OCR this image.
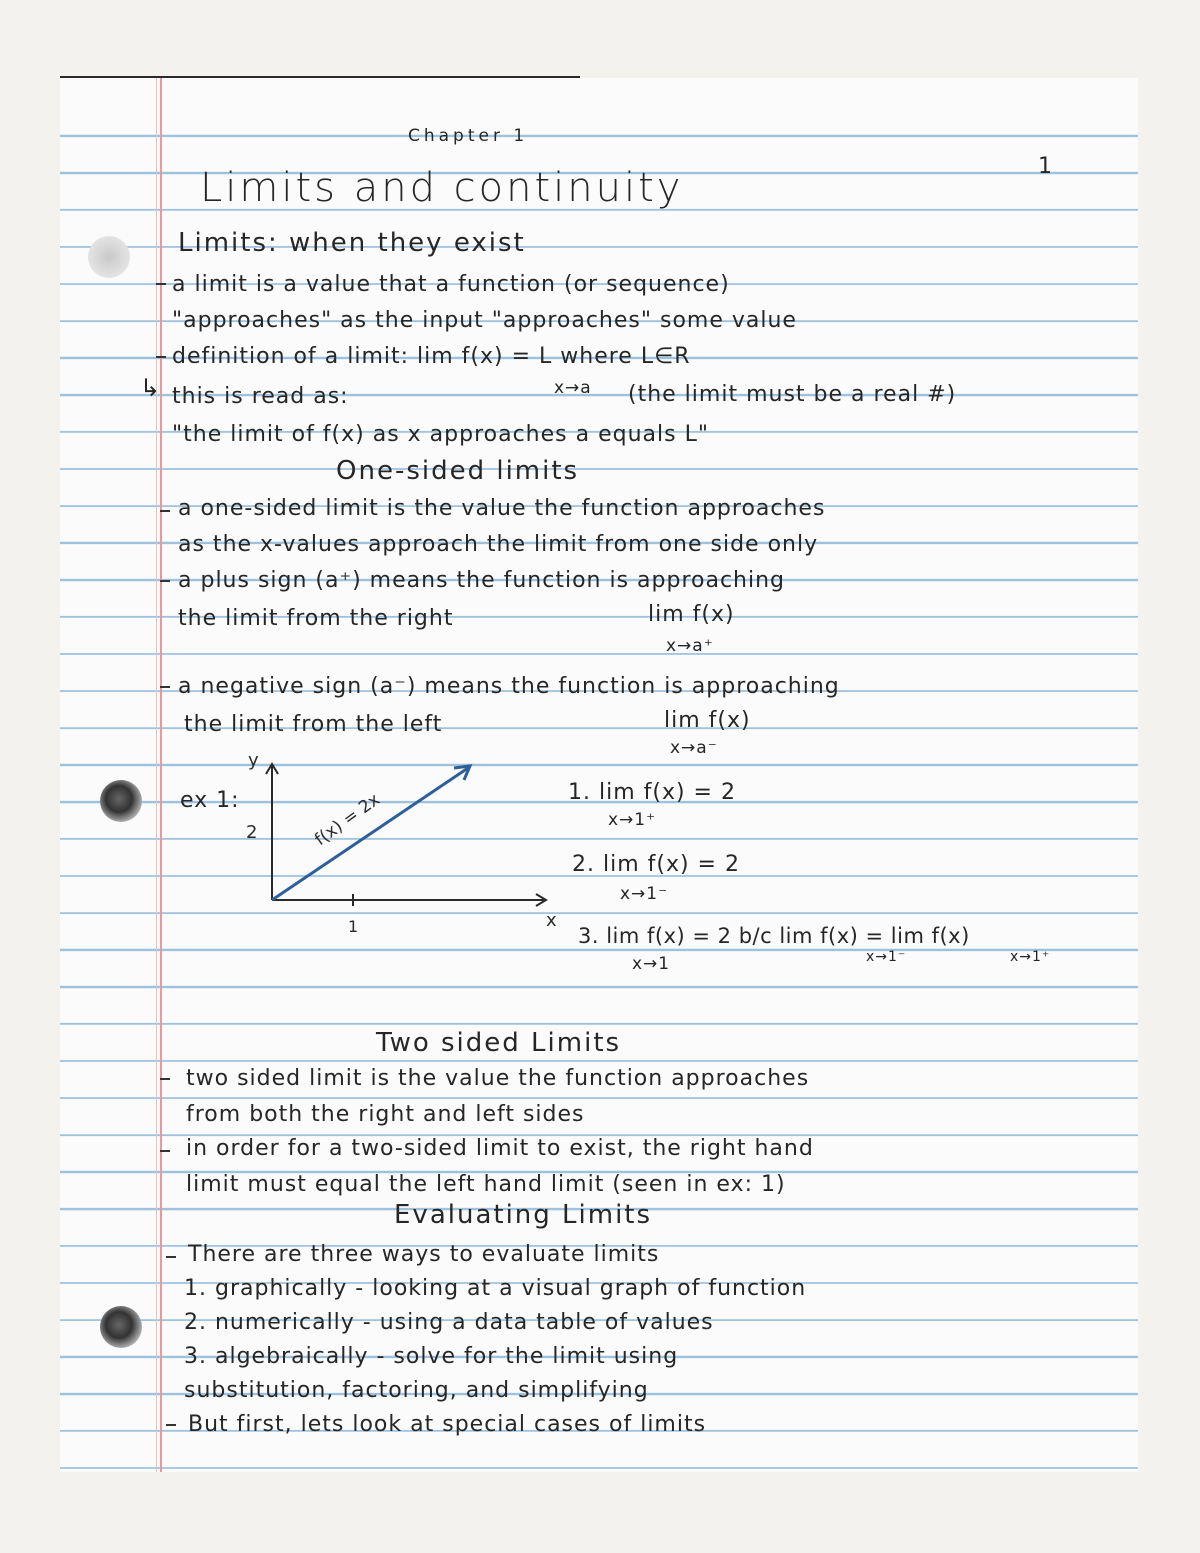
Chapter 1
1
Limits and continuity
Limits: when they exist
a limit is a value that a function (or sequence)
"approaches" as the input "approaches" some value
definition of a limit: lim f(x) = L where L∈R
x→a
↳ this is read as:	(the limit must be a real #)
"the limit of f(x) as x approaches a equals L"
One-sided limits
a one-sided limit is the value the function approaches
as the x-values approach the limit from one side only
a plus sign (a⁺) means the function is approaching
the limit from the right	lim f(x)
x→a⁺
a negative sign (a⁻) means the function is approaching
the limit from the left	lim f(x)
x→a⁻
ex 1:
y
x
2
1
f(x) = 2x	1. lim f(x) = 2
x→1⁺
2. lim f(x) = 2
x→1⁻
3. lim f(x) = 2 b/c lim f(x) = lim f(x)
x→1	x→1⁻	x→1⁺
Two sided Limits
two sided limit is the value the function approaches
from both the right and left sides
in order for a two-sided limit to exist, the right hand
limit must equal the left hand limit (seen in ex: 1)
Evaluating Limits
There are three ways to evaluate limits
1. graphically - looking at a visual graph of function
2. numerically - using a data table of values
3. algebraically - solve for the limit using
substitution, factoring, and simplifying
But first, lets look at special cases of limits
